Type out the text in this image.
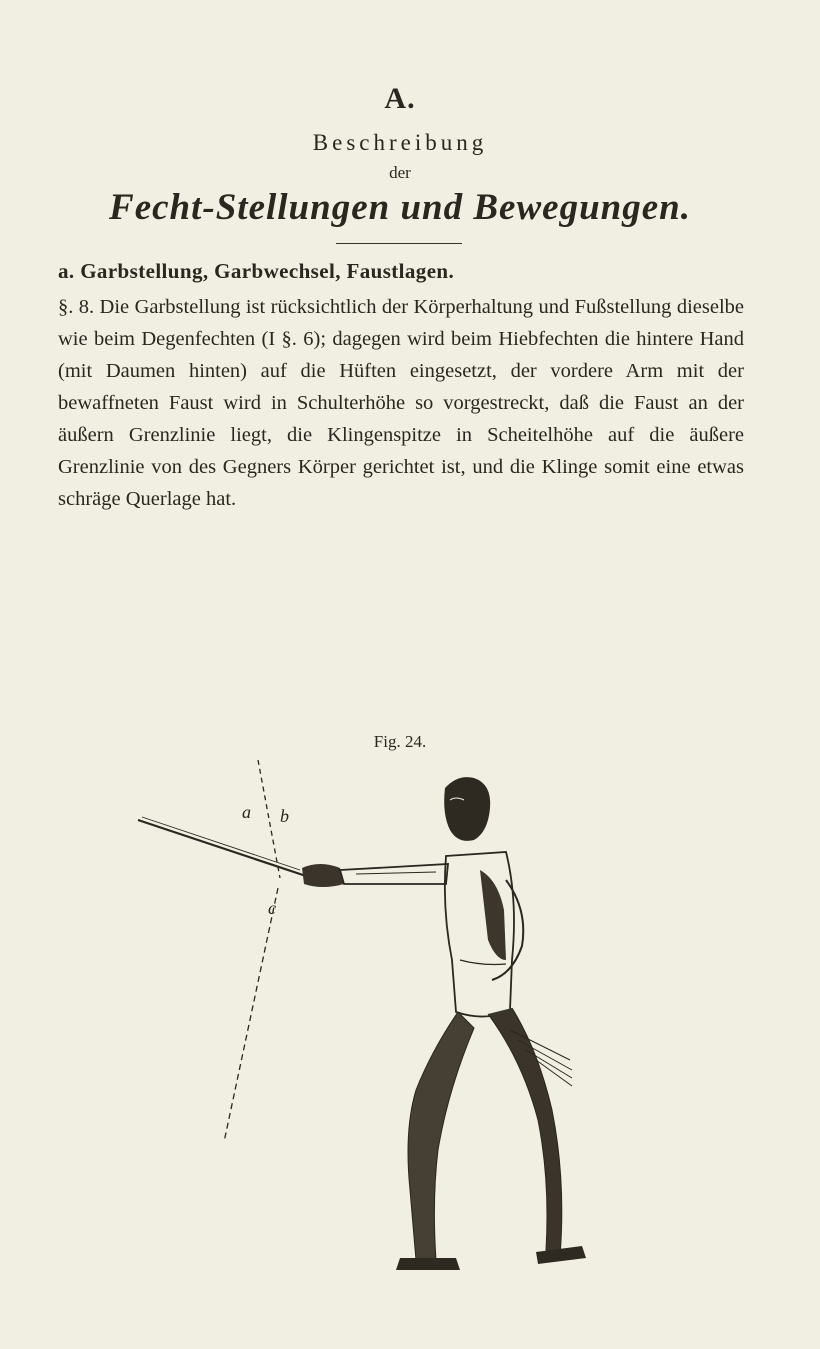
A.
Beschreibung
der
Fecht-Stellungen und Bewegungen.
a. Garbstellung, Garbwechsel, Faustlagen.
§. 8. Die Garbstellung ist rücksichtlich der Körperhaltung und Fußstellung dieselbe wie beim Degenfechten (I §. 6); dagegen wird beim Hiebfechten die hintere Hand (mit Daumen hinten) auf die Hüften eingesetzt, der vordere Arm mit der bewaffneten Faust wird in Schulterhöhe so vorgestreckt, daß die Faust an der äußern Grenzlinie liegt, die Klingenspitze in Scheitelhöhe auf die äußere Grenzlinie von des Gegners Körper gerichtet ist, und die Klinge somit eine etwas schräge Querlage hat.
Fig. 24.
a b
c
